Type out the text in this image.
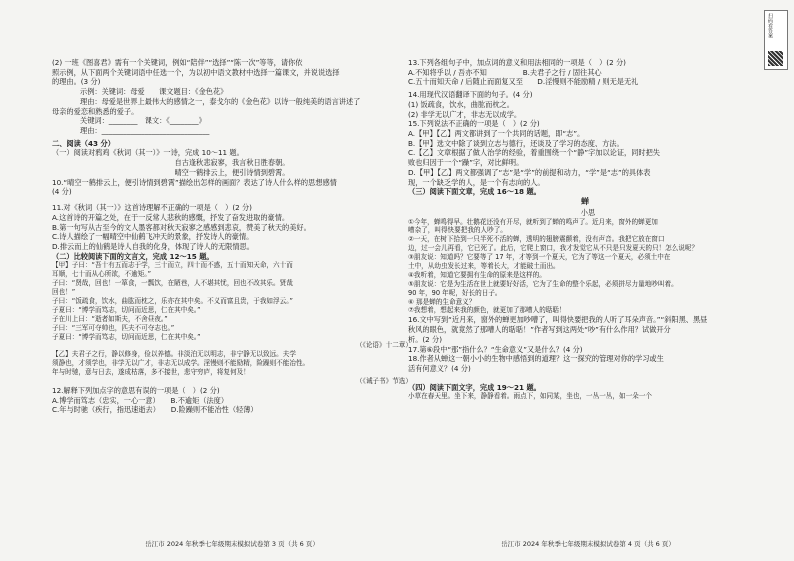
扫码看答案
(2) 一班《图喜君》需有一个关键词，例如“陪伴”“选择”“陈一次”等等，请你依
照示例，从下面两个关键词语中任选一个，为以初中语文教材中选择一篇课文，并说说选择
的理由。(3 分)
示例：关键词：母爱　　课文题目：《金色花》
理由：母爱是世界上最伟大的感情之一，泰戈尔的《金色花》以诗一般纯美的语言讲述了
母亲的爱恋和熟悉的爱子。
关键词：________　课文：《________》
理由：______________________________
二、阅读（43 分）
（一）阅读对鸦鸡《秋词（其一）》一诗，完成 10～11 题。
自古逢秋悲寂寥，我言秋日胜春朝。
晴空一鹤排云上，便引诗情到碧霄。
10.“晴空一鹤排云上，便引诗情到碧霄”描绘出怎样的画面？表达了诗人什么样的思想感情
(4 分)
11.对《秋词（其一）》这首诗理解不正确的一项是（　）(2 分)
A.这首诗的开篇之处，在于一反常人悲秋的感慨，抒发了奋发进取的豪情。
B.第一句写从古至今的文人墨客都对秋天寂寥之感感到悲哀，赞美了秋天的美好。
C.诗人描绘了一幅晴空中仙鹤飞冲天的景象，抒发诗人的豪情。
D.排云而上的仙鹤是诗人自我的化身，体现了诗人的无限情思。
（二）比较阅读下面的文言文，完成 12～15 题。
【甲】子曰：“吾十有五而志于学，三十而立，四十而不惑，五十而知天命，六十而
耳顺，七十而从心所欲，不逾矩。”
子曰：“贤哉，回也！一箪食，一瓢饮，在陋巷，人不堪其忧，回也不改其乐。贤哉
回也！”
子曰：“饭疏食，饮水，曲肱而枕之，乐亦在其中矣。不义而富且贵，于我如浮云。”
子夏曰：“博学而笃志，切问而近思，仁在其中矣。”
子在川上曰：“逝者如斯夫，不舍昼夜。”
子曰：“三军可夺帅也，匹夫不可夺志也。”
子夏曰：“博学而笃志，切问而近思，仁在其中矣。”
（《论语》十二章）
【乙】夫君子之行，静以修身，俭以养德。非淡泊无以明志，非宁静无以致远。夫学
须静也，才须学也，非学无以广才，非志无以成学。淫慢则不能励精，险躁则不能冶性。
年与时驰，意与日去，遂成枯落，多不接世，悲守穷庐，将复何及！
（《诫子书》节选）
12.解释下列加点字的意思有误的一项是（　）(2 分)
A.博学而笃志（忠实，一心一意）　　B.不逾矩（法度）
C.年与时驰（疾行，指迅速逝去）　　D.险躁则不能冶性（轻薄）
岳江市 2024 年秋季七年级期末模拟试卷第 3 页（共 6 页）
13.下列各组句子中，加点词的意义和用法相同的一项是（　）(2 分)
A.不知将乎以 / 吾亦不知　　　　　B.夫君子之行 / 固往其心
C.五十而知天命 / 后随止而面复又至　　D.淫慢则不能励精 / 则无是无礼
14.用现代汉语翻译下面的句子。(4 分)
(1) 饭疏食，饮水，曲肱而枕之。
(2) 非学无以广才，非志无以成学。
15.下列说法不正确的一项是（　）(2 分)
A.【甲】【乙】两文都讲到了一个共同的话题，即“志”。
B.【甲】选文中除了谈到立志与德行，还谈及了学习的态度、方法。
C.【乙】文章根据了做人治学的经验，着重围绕一个“静”字加以论证，同时把失
败也归因于一个“躁”字，对比鲜明。
D.【甲】【乙】两文都强调了“志”是“学”的前提和动力，“学”是“志”的具体表
现，一个缺乏学的人，是一个有志向的人。
（三）阅读下面文章，完成 16～18 题。
蝉
小思
①今年，蝉鸣得早。壮鹅花还没有开尽，就听到了蝉的鸣声了。近月来，窗外的蝉更加
嘈杂了，叫得快要把我的人吵了。
②一天，在树下拾到一只半死不活的蝉，透明的翅膀震颤着，没有声音。我把它放在窗口
边，过一会儿再看，它已死了。此后，它爬上窗口，我才发觉它从不只是只发夏天的只！怎么说呢？
③朋友说：知道吗？它要等了 17 年，才等到一个夏天，它为了等这一个夏天，必须土中在
土中，从幼虫发长过来，等着长大，才能破土而出。
④我听着，知道它要拥有生命的原来是这样的。
⑤朋友说：它是为生活在世上就要好好活，它为了生命的整个乐起，必须拼尽力量地吵叫着。
90 年，90 年呢，好长的日子。
⑥ 那是蝉的生命意义？
⑦我想着，想起来我的颜色，就更加了那嘈人的聒聒！
16.文中写到“近月来，窗外的蝉更加吵嘈了，叫得快要把我的人听了耳朵声音。”“斜阳黑、黑昼
秋风的眼色，就竟然了那嘈人的聒聒！”作者写到这两处“吵”有什么作用？试做开分
析。(2 分)
17.第⑥段中“那”指什么？“生命意义”又是什么？(4 分)
18.作者从蝉这一朝小小的生物中感悟到的道理？这一探究的管理对你的学习或生
活有何意义？(4 分)
（四）阅读下面文字，完成 19～21 题。
小草在春天里。坐下来，静静看着。雨点下，如同某，坐也，一丛一丛，如一朵一个
岳江市 2024 年秋季七年级期末模拟试卷第 4 页（共 6 页）
